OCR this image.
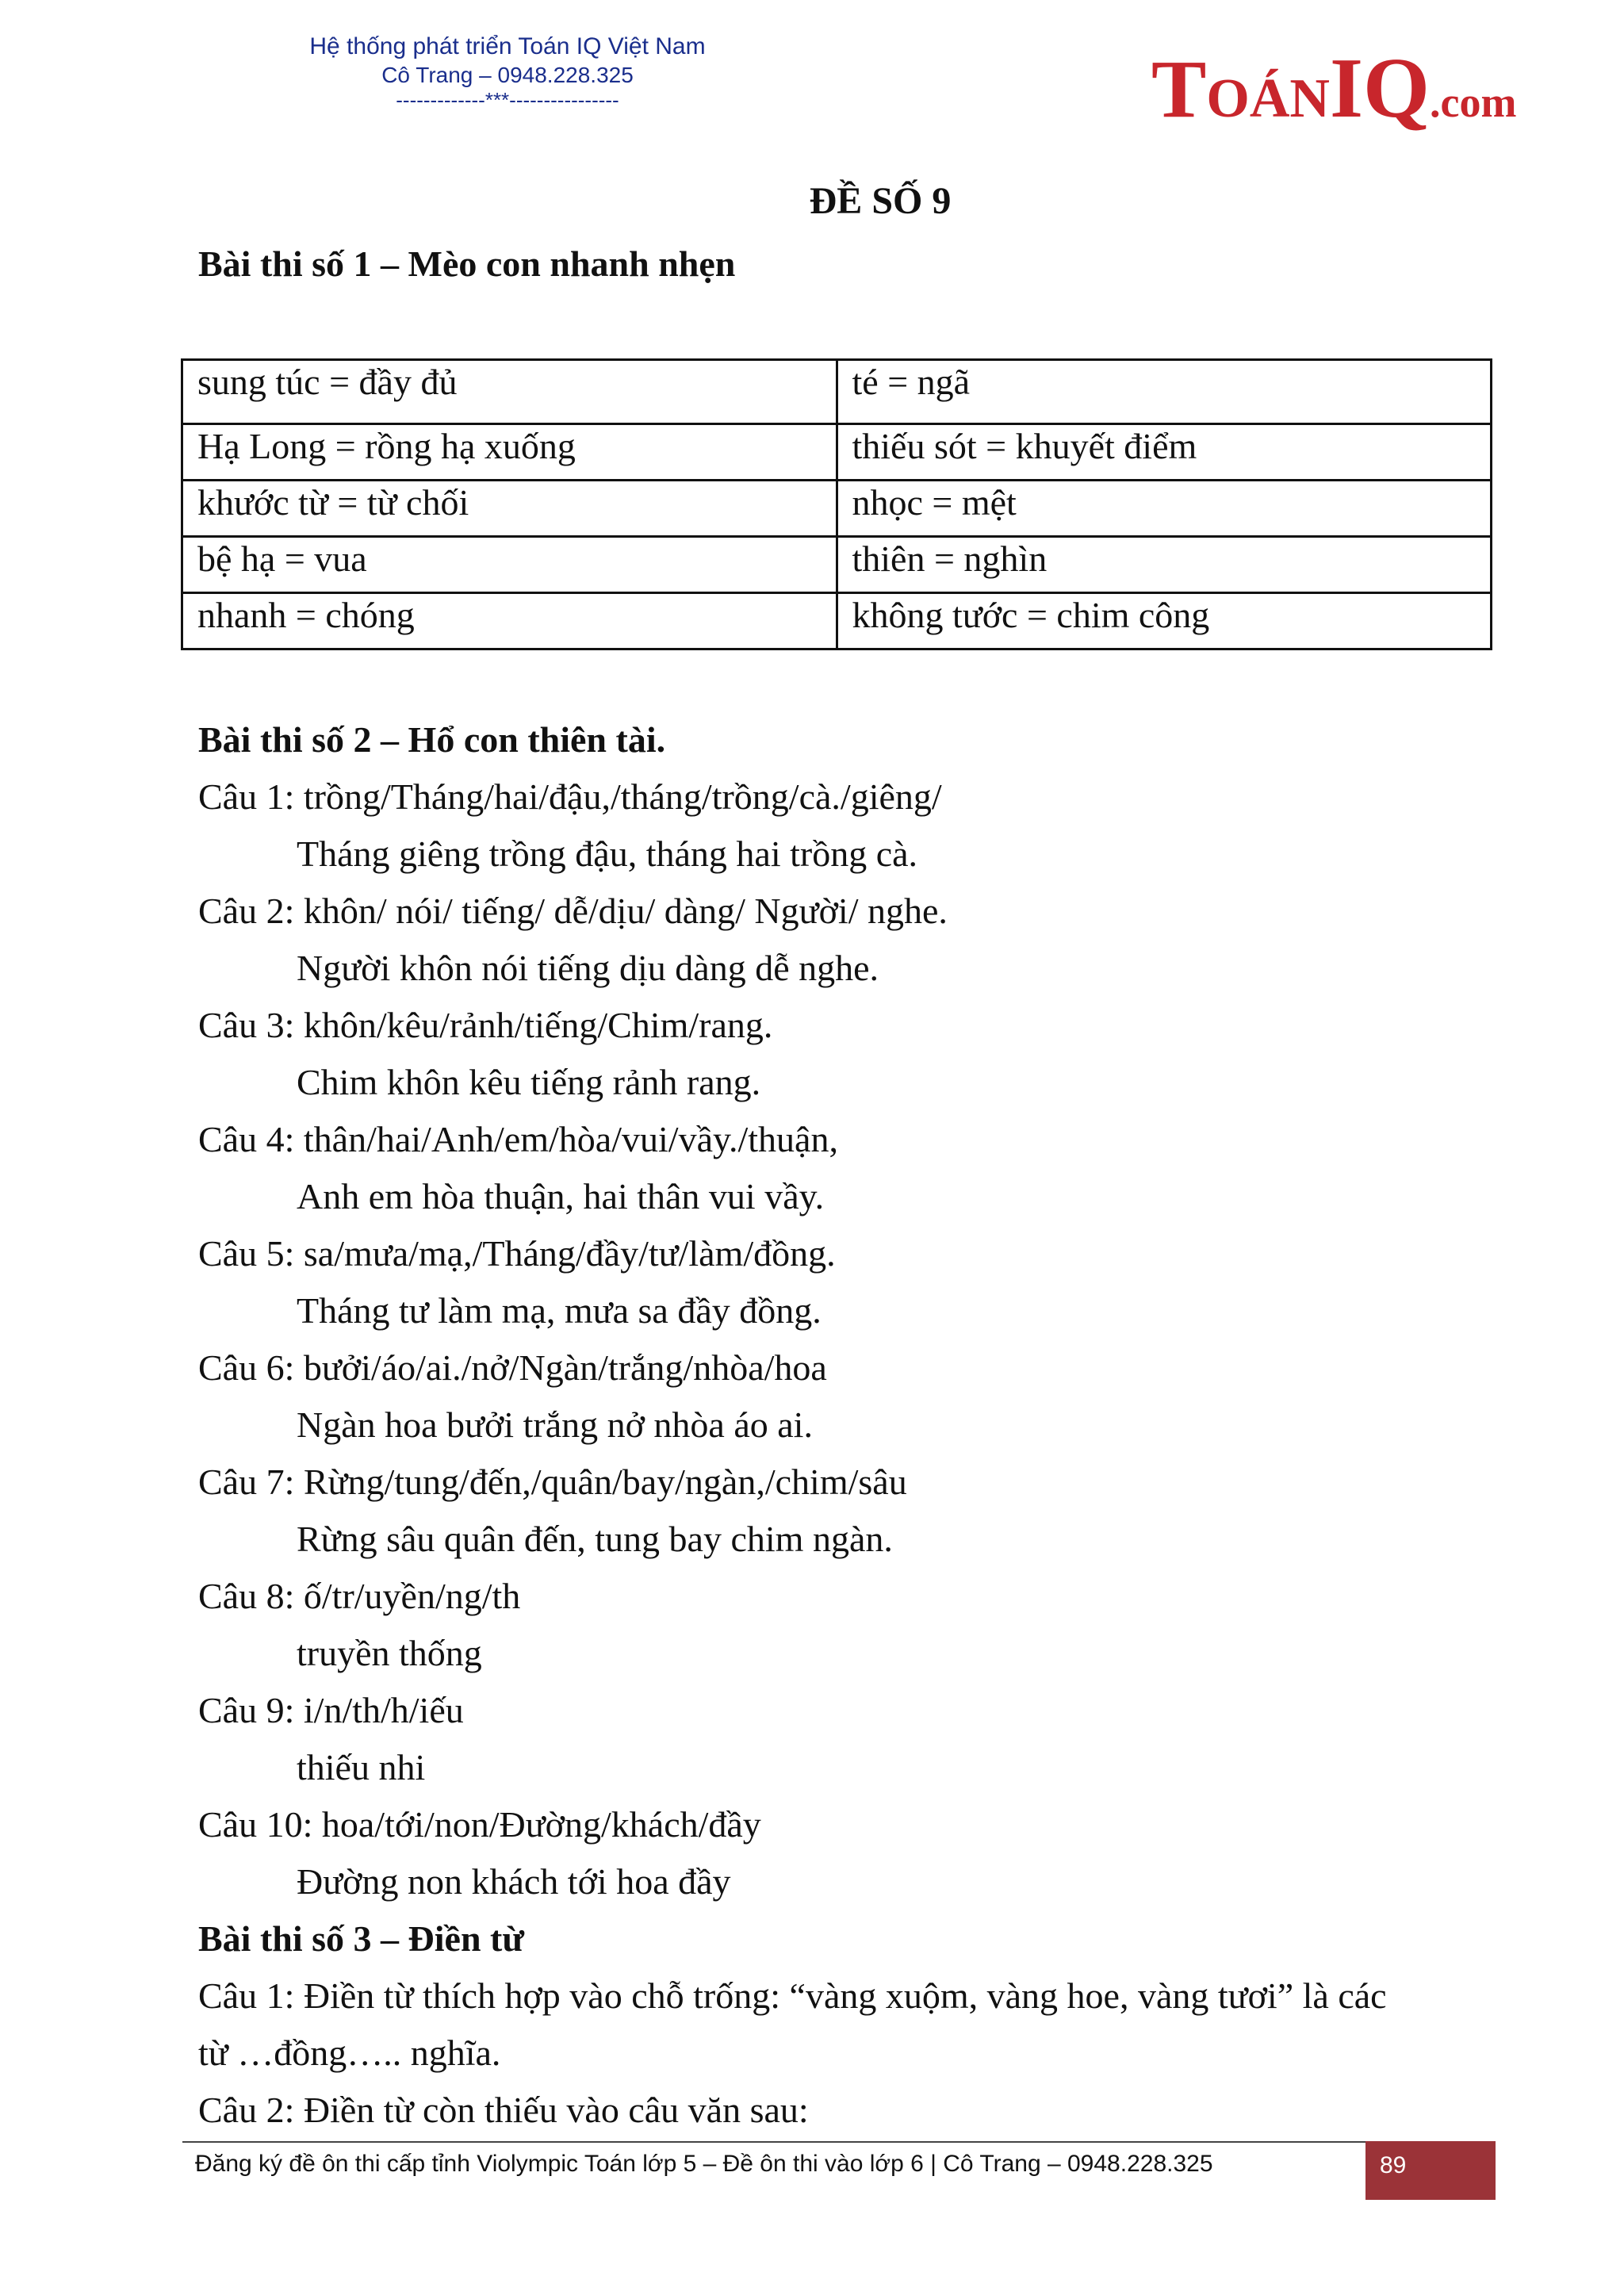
Hệ thống phát triển Toán IQ Việt Nam
Cô Trang – 0948.228.325
-------------***----------------	TOÁNIQ.com
ĐỀ SỐ 9
Bài thi số 1 – Mèo con nhanh nhẹn
sung túc = đầy đủ	té = ngã
Hạ Long = rồng hạ xuống	thiếu sót = khuyết điểm
khước từ = từ chối	nhọc = mệt
bệ hạ = vua	thiên = nghìn
nhanh = chóng	không tước = chim công
Bài thi số 2 – Hổ con thiên tài.
Câu 1: trồng/Tháng/hai/đậu,/tháng/trồng/cà./giêng/
Tháng giêng trồng đậu, tháng hai trồng cà.
Câu 2: khôn/ nói/ tiếng/ dễ/dịu/ dàng/ Người/ nghe.
Người khôn nói tiếng dịu dàng dễ nghe.
Câu 3: khôn/kêu/rảnh/tiếng/Chim/rang.
Chim khôn kêu tiếng rảnh rang.
Câu 4: thân/hai/Anh/em/hòa/vui/vầy./thuận,
Anh em hòa thuận, hai thân vui vầy.
Câu 5: sa/mưa/mạ,/Tháng/đầy/tư/làm/đồng.
Tháng tư làm mạ, mưa sa đầy đồng.
Câu 6: bưởi/áo/ai./nở/Ngàn/trắng/nhòa/hoa
Ngàn hoa bưởi trắng nở nhòa áo ai.
Câu 7: Rừng/tung/đến,/quân/bay/ngàn,/chim/sâu
Rừng sâu quân đến, tung bay chim ngàn.
Câu 8: ố/tr/uyền/ng/th
truyền thống
Câu 9: i/n/th/h/iếu
thiếu nhi
Câu 10: hoa/tới/non/Đường/khách/đầy
Đường non khách tới hoa đầy
Bài thi số 3 – Điền từ
Câu 1: Điền từ thích hợp vào chỗ trống: “vàng xuộm, vàng hoe, vàng tươi” là các
từ …đồng….. nghĩa.
Câu 2: Điền từ còn thiếu vào câu văn sau:
Đăng ký đề ôn thi cấp tỉnh Violympic Toán lớp 5 – Đề ôn thi vào lớp 6 | Cô Trang – 0948.228.325	89
